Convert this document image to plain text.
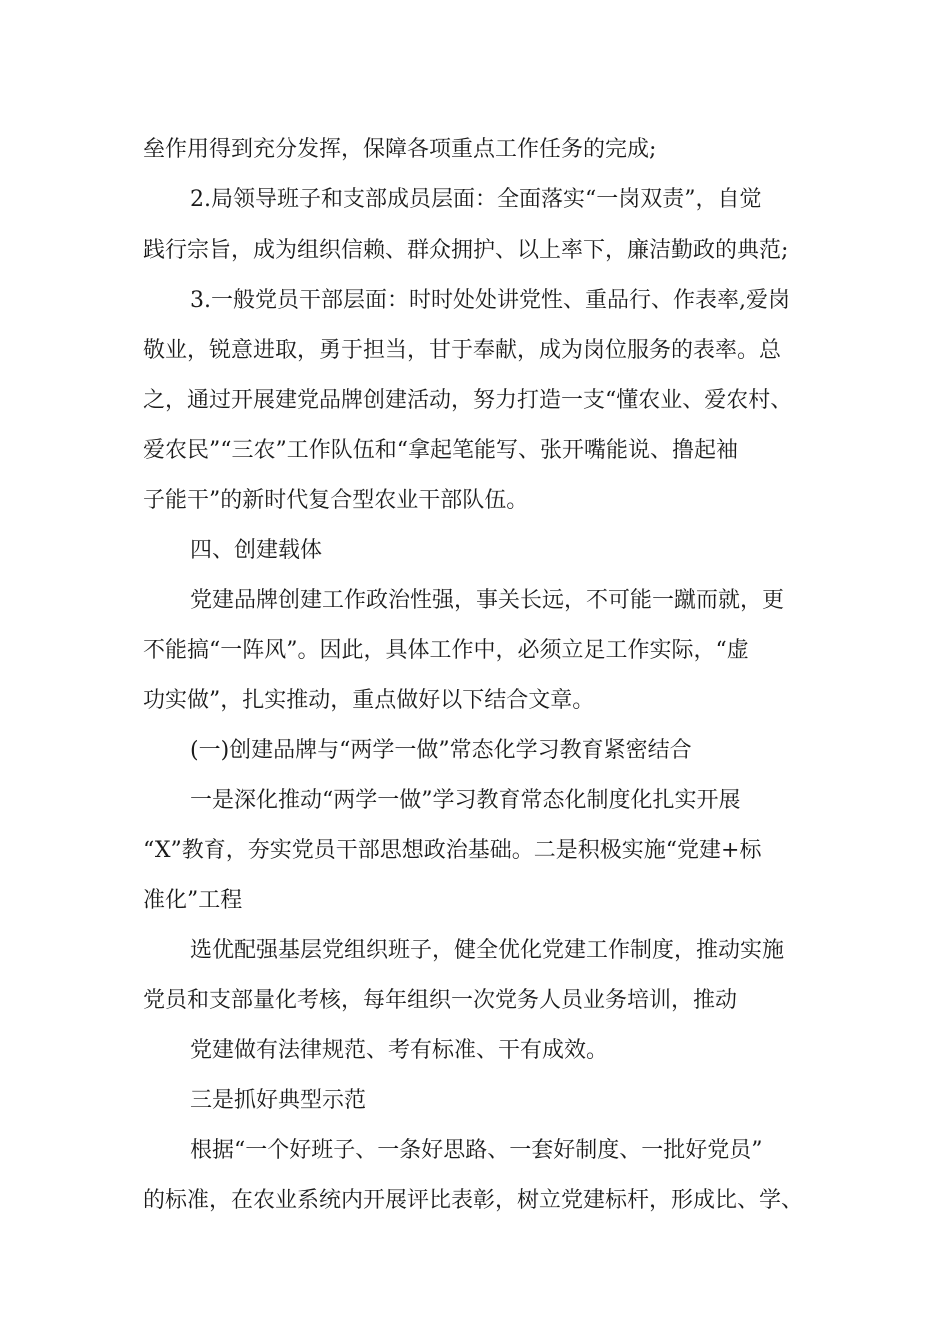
垒作用得到充分发挥，保障各项重点工作任务的完成;
2.局领导班子和支部成员层面：全面落实“一岗双责”，自觉
践行宗旨，成为组织信赖、群众拥护、以上率下，廉洁勤政的典范;
3.一般党员干部层面：时时处处讲党性、重品行、作表率,爱岗
敬业，锐意进取，勇于担当，甘于奉献，成为岗位服务的表率。总
之，通过开展建党品牌创建活动，努力打造一支“懂农业、爱农村、
爱农民”“三农”工作队伍和“拿起笔能写、张开嘴能说、撸起袖
子能干”的新时代复合型农业干部队伍。
四、创建载体
党建品牌创建工作政治性强，事关长远，不可能一蹴而就，更
不能搞“一阵风”。因此，具体工作中，必须立足工作实际，“虚
功实做”，扎实推动，重点做好以下结合文章。
(一)创建品牌与“两学一做”常态化学习教育紧密结合
一是深化推动“两学一做”学习教育常态化制度化扎实开展
“X”教育，夯实党员干部思想政治基础。二是积极实施“党建+标
准化”工程
选优配强基层党组织班子，健全优化党建工作制度，推动实施
党员和支部量化考核，每年组织一次党务人员业务培训，推动
党建做有法律规范、考有标准、干有成效。
三是抓好典型示范
根据“一个好班子、一条好思路、一套好制度、一批好党员”
的标准，在农业系统内开展评比表彰，树立党建标杆，形成比、学、
